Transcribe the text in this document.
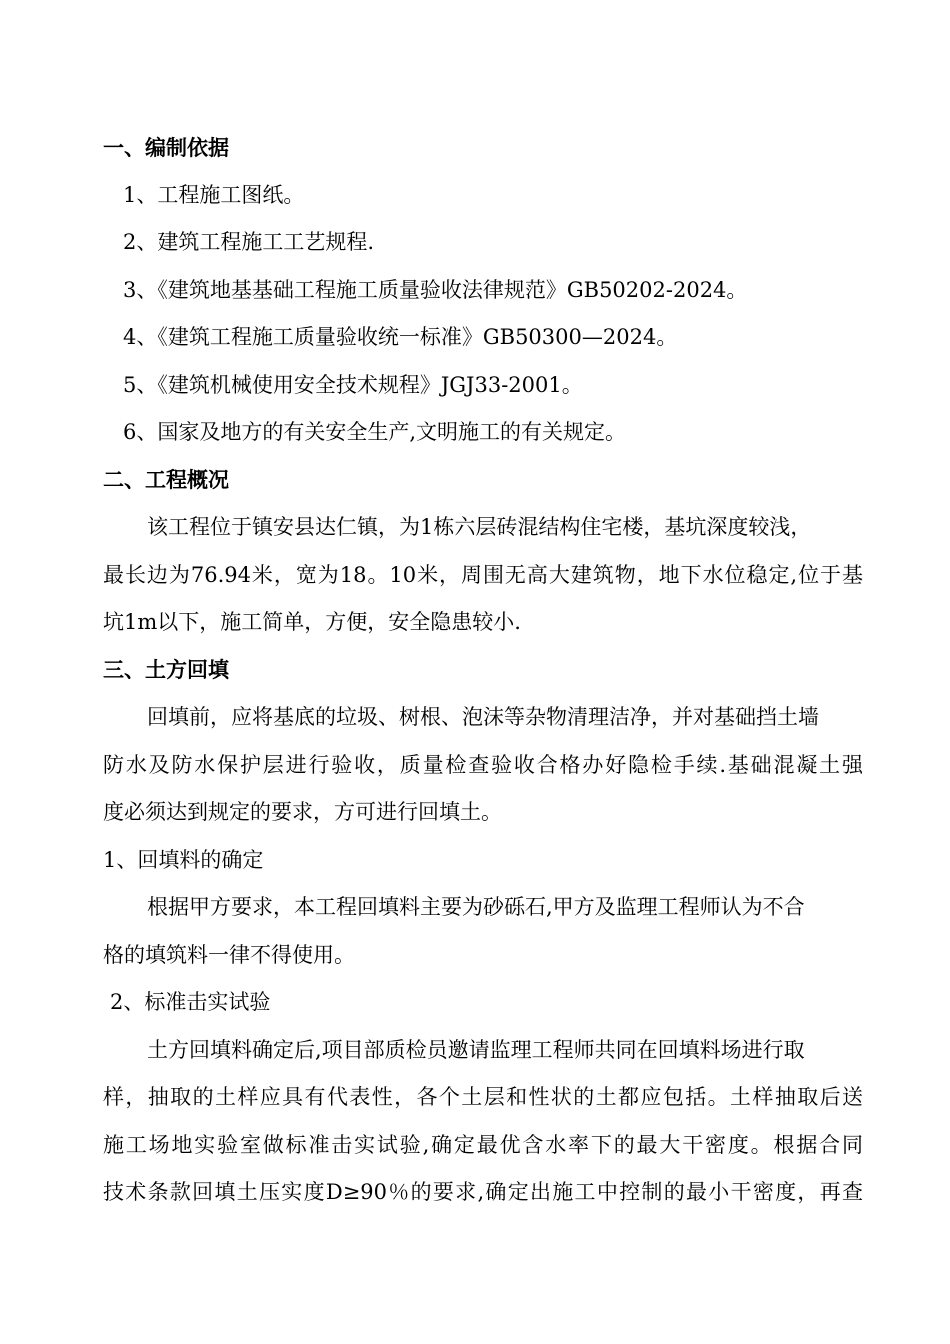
一、编制依据
1、工程施工图纸。
2、建筑工程施工工艺规程.
3、《建筑地基基础工程施工质量验收法律规范》GB50202-2024。
4、《建筑工程施工质量验收统一标准》GB50300—2024。
5、《建筑机械使用安全技术规程》JGJ33-2001。
6、国家及地方的有关安全生产,文明施工的有关规定。
二、工程概况
该工程位于镇安县达仁镇，为1栋六层砖混结构住宅楼，基坑深度较浅，
最长边为76.94米，宽为18。10米，周围无高大建筑物，地下水位稳定,位于基
坑1m以下，施工简单，方便，安全隐患较小.
三、土方回填
回填前，应将基底的垃圾、树根、泡沫等杂物清理洁净，并对基础挡土墙
防水及防水保护层进行验收，质量检查验收合格办好隐检手续.基础混凝土强
度必须达到规定的要求，方可进行回填土。
1、回填料的确定
根据甲方要求，本工程回填料主要为砂砾石,甲方及监理工程师认为不合
格的填筑料一律不得使用。
2、标准击实试验
土方回填料确定后,项目部质检员邀请监理工程师共同在回填料场进行取
样，抽取的土样应具有代表性，各个土层和性状的土都应包括。土样抽取后送
施工场地实验室做标准击实试验,确定最优含水率下的最大干密度。根据合同
技术条款回填土压实度D≥90％的要求,确定出施工中控制的最小干密度，再查
